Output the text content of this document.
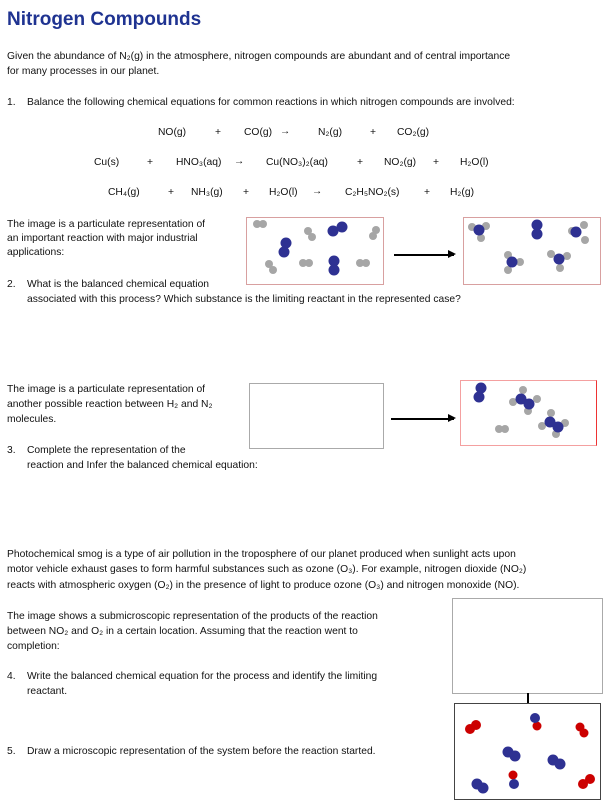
Nitrogen Compounds
Given the abundance of N₂(g) in the atmosphere, nitrogen compounds are abundant and of central importance
for many processes in our planet.
1. Balance the following chemical equations for common reactions in which nitrogen compounds are involved:
NO(g)	+ CO(g) →	N₂(g)	+ CO₂(g)
Cu(s)	+ HNO₃(aq) → Cu(NO₃)₂(aq)	+ NO₂(g) + H₂O(l)
CH₄(g)	+ NH₃(g) + H₂O(l) → C₂H₅NO₂(s) + H₂(g)
The image is a particulate representation of
an important reaction with major industrial
applications:
2. What is the balanced chemical equation
associated with this process? Which substance is the limiting reactant in the represented case?
The image is a particulate representation of
another possible reaction between H₂ and N₂
molecules.
3. Complete the representation of the
reaction and Infer the balanced chemical equation:
Photochemical smog is a type of air pollution in the troposphere of our planet produced when sunlight acts upon
motor vehicle exhaust gases to form harmful substances such as ozone (O₃). For example, nitrogen dioxide (NO₂)
reacts with atmospheric oxygen (O₂) in the presence of light to produce ozone (O₃) and nitrogen monoxide (NO).
The image shows a submicroscopic representation of the products of the reaction
between NO₂ and O₂ in a certain location. Assuming that the reaction went to
completion:
4. Write the balanced chemical equation for the process and identify the limiting
reactant.
5. Draw a microscopic representation of the system before the reaction started.
